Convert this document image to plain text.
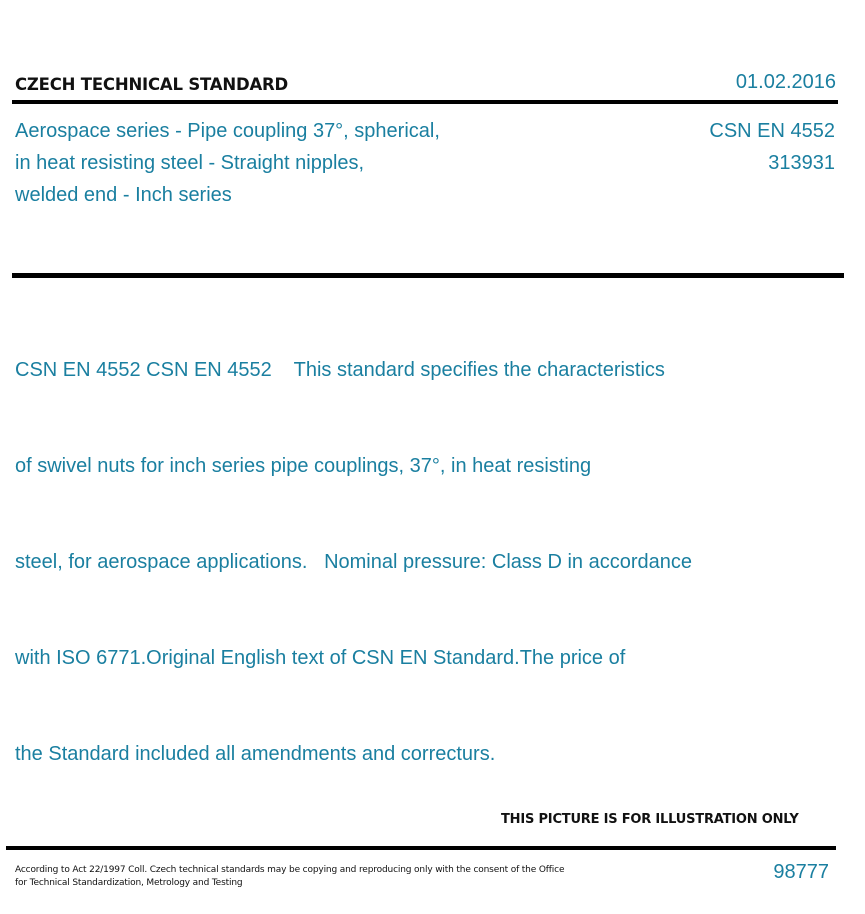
CZECH TECHNICAL STANDARD	01.02.2016
Aerospace series - Pipe coupling 37°, spherical,
in heat resisting steel - Straight nipples,
welded end - Inch series
CSN EN 4552
313931

CSN EN 4552 CSN EN 4552    This standard specifies the characteristics

of swivel nuts for inch series pipe couplings, 37°, in heat resisting

steel, for aerospace applications.   Nominal pressure: Class D in accordance

with ISO 6771.Original English text of CSN EN Standard.The price of

the Standard included all amendments and correcturs.

THIS PICTURE IS FOR ILLUSTRATION ONLY
According to Act 22/1997 Coll. Czech technical standards may be copying and reproducing only with the consent of the Office
for Technical Standardization, Metrology and Testing	98777
